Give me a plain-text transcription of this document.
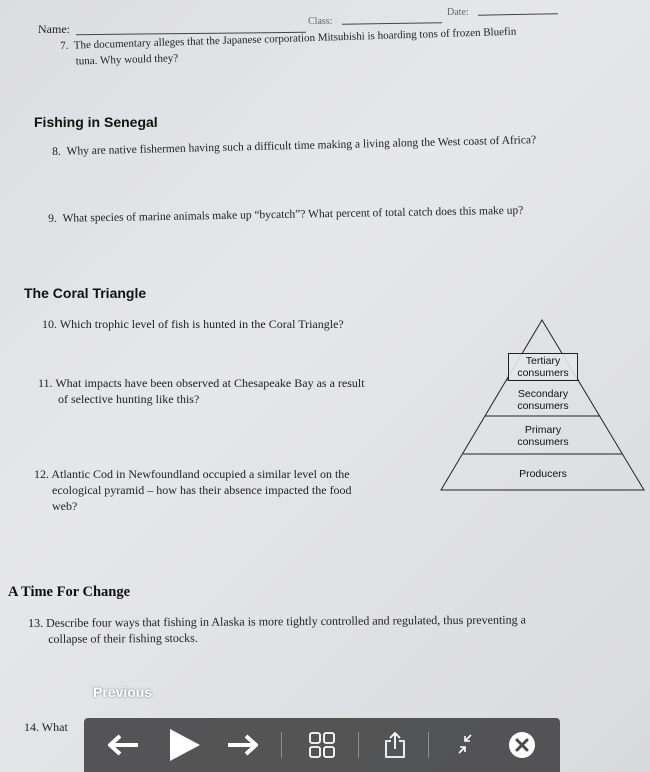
Name:
Class:
Date:
7. The documentary alleges that the Japanese corporation Mitsubishi is hoarding tons of frozen Bluefin
tuna. Why would they?
Fishing in Senegal
8. Why are native fishermen having such a difficult time making a living along the West coast of Africa?
9. What species of marine animals make up “bycatch”? What percent of total catch does this make up?
The Coral Triangle
10. Which trophic level of fish is hunted in the Coral Triangle?
11. What impacts have been observed at Chesapeake Bay as a result
of selective hunting like this?
12. Atlantic Cod in Newfoundland occupied a similar level on the
ecological pyramid – how has their absence impacted the food
web?
Tertiary
consumers
Secondary
consumers
Primary
consumers
Producers
A Time For Change
13. Describe four ways that fishing in Alaska is more tightly controlled and regulated, thus preventing a
collapse of their fishing stocks.
14. What
Previous
